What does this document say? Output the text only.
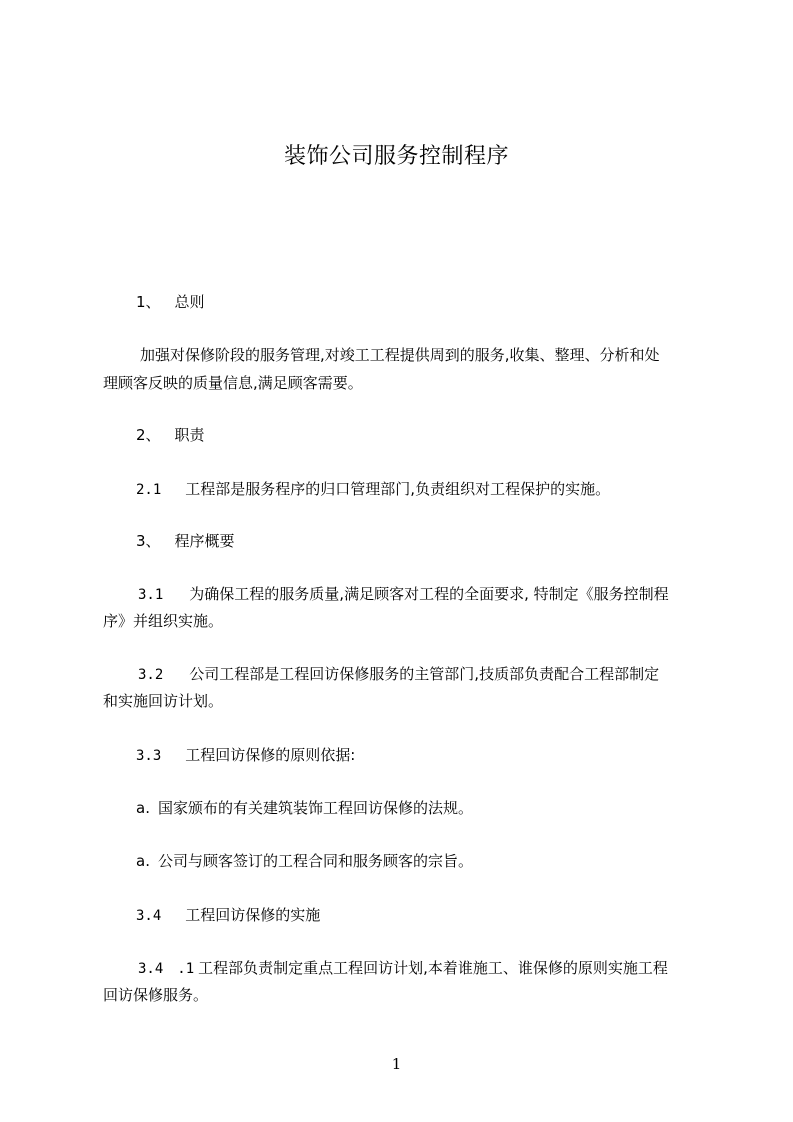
装饰公司服务控制程序
1、 总则
加强对保修阶段的服务管理,对竣工工程提供周到的服务,收集、整理、分析和处
理顾客反映的质量信息,满足顾客需要。
2、 职责
2.1 工程部是服务程序的归口管理部门,负责组织对工程保护的实施。
3、 程序概要
3.1 为确保工程的服务质量,满足顾客对工程的全面要求, 特制定《服务控制程
序》并组织实施。
3.2 公司工程部是工程回访保修服务的主管部门,技质部负责配合工程部制定
和实施回访计划。
3.3 工程回访保修的原则依据:
a. 国家颁布的有关建筑装饰工程回访保修的法规。
a. 公司与顾客签订的工程合同和服务顾客的宗旨。
3.4 工程回访保修的实施
3.4 .1 工程部负责制定重点工程回访计划,本着谁施工、谁保修的原则实施工程
回访保修服务。
1
